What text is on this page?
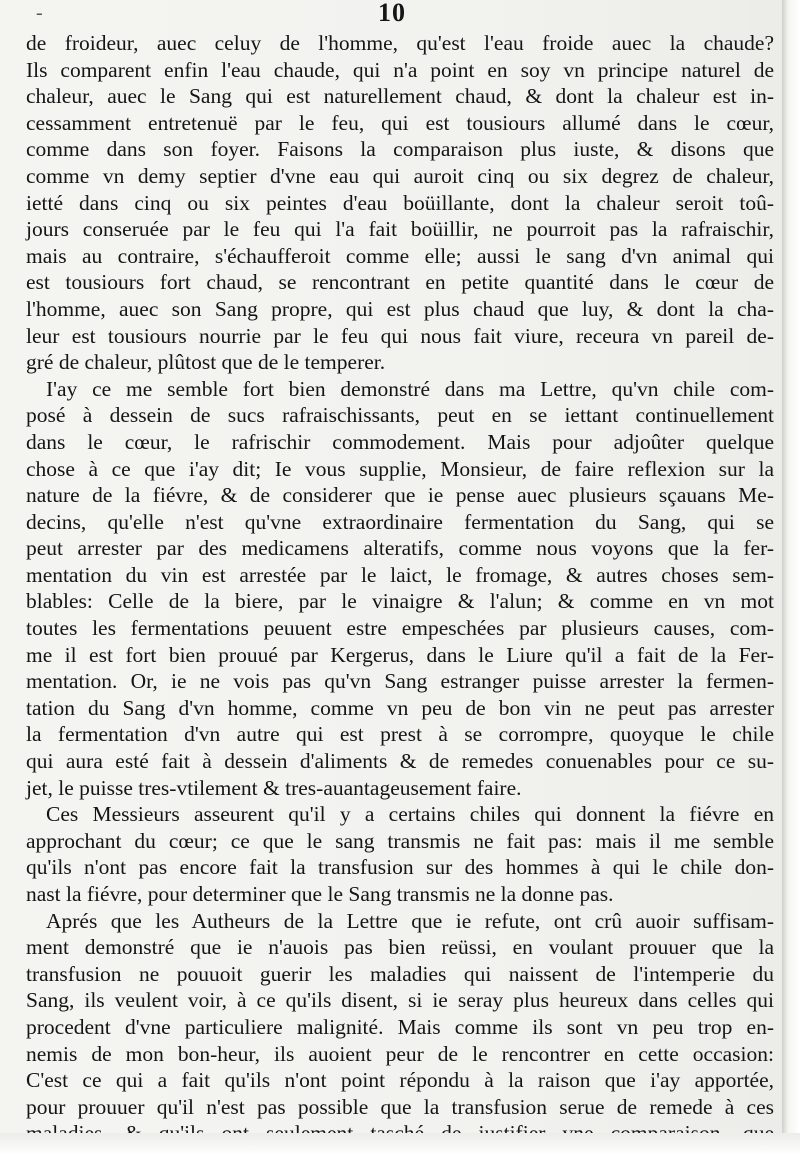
-	10
de froideur, auec celuy de l'homme, qu'est l'eau froide auec la chaude?
Ils comparent enfin l'eau chaude, qui n'a point en soy vn principe naturel de
chaleur, auec le Sang qui est naturellement chaud, & dont la chaleur est in-
cessamment entretenuë par le feu, qui est tousiours allumé dans le cœur,
comme dans son foyer. Faisons la comparaison plus iuste, & disons que
comme vn demy septier d'vne eau qui auroit cinq ou six degrez de chaleur,
ietté dans cinq ou six peintes d'eau boüillante, dont la chaleur seroit toû-
jours conseruée par le feu qui l'a fait boüillir, ne pourroit pas la rafraischir,
mais au contraire, s'échaufferoit comme elle; aussi le sang d'vn animal qui
est tousiours fort chaud, se rencontrant en petite quantité dans le cœur de
l'homme, auec son Sang propre, qui est plus chaud que luy, & dont la cha-
leur est tousiours nourrie par le feu qui nous fait viure, receura vn pareil de-
gré de chaleur, plûtost que de le temperer.
I'ay ce me semble fort bien demonstré dans ma Lettre, qu'vn chile com-
posé à dessein de sucs rafraischissants, peut en se iettant continuellement
dans le cœur, le rafrischir commodement. Mais pour adjoûter quelque
chose à ce que i'ay dit; Ie vous supplie, Monsieur, de faire reflexion sur la
nature de la fiévre, & de considerer que ie pense auec plusieurs sçauans Me-
decins, qu'elle n'est qu'vne extraordinaire fermentation du Sang, qui se
peut arrester par des medicamens alteratifs, comme nous voyons que la fer-
mentation du vin est arrestée par le laict, le fromage, & autres choses sem-
blables: Celle de la biere, par le vinaigre & l'alun; & comme en vn mot
toutes les fermentations peuuent estre empeschées par plusieurs causes, com-
me il est fort bien prouué par Kergerus, dans le Liure qu'il a fait de la Fer-
mentation. Or, ie ne vois pas qu'vn Sang estranger puisse arrester la fermen-
tation du Sang d'vn homme, comme vn peu de bon vin ne peut pas arrester
la fermentation d'vn autre qui est prest à se corrompre, quoyque le chile
qui aura esté fait à dessein d'aliments & de remedes conuenables pour ce su-
jet, le puisse tres-vtilement & tres-auantageusement faire.
Ces Messieurs asseurent qu'il y a certains chiles qui donnent la fiévre en
approchant du cœur; ce que le sang transmis ne fait pas: mais il me semble
qu'ils n'ont pas encore fait la transfusion sur des hommes à qui le chile don-
nast la fiévre, pour determiner que le Sang transmis ne la donne pas.
Aprés que les Autheurs de la Lettre que ie refute, ont crû auoir suffisam-
ment demonstré que ie n'auois pas bien reüssi, en voulant prouuer que la
transfusion ne pouuoit guerir les maladies qui naissent de l'intemperie du
Sang, ils veulent voir, à ce qu'ils disent, si ie seray plus heureux dans celles qui
procedent d'vne particuliere malignité. Mais comme ils sont vn peu trop en-
nemis de mon bon-heur, ils auoient peur de le rencontrer en cette occasion:
C'est ce qui a fait qu'ils n'ont point répondu à la raison que i'ay apportée,
pour prouuer qu'il n'est pas possible que la transfusion serue de remede à ces
